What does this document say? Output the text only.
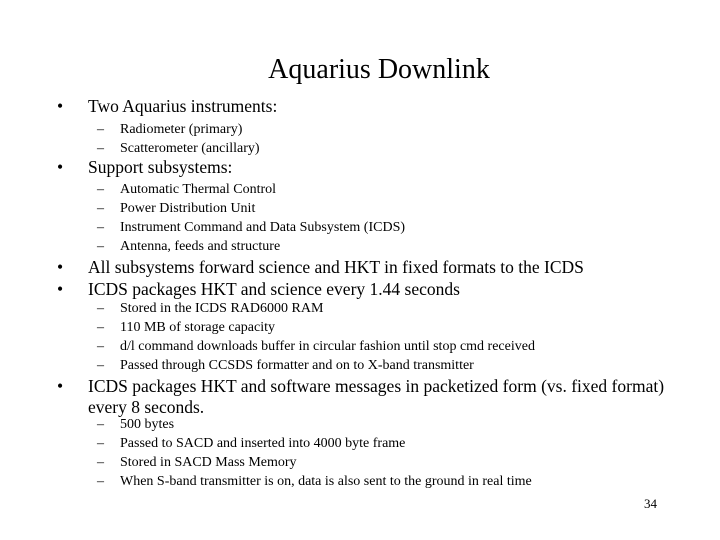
Aquarius Downlink
• Two Aquarius instruments:
– Radiometer (primary)
– Scatterometer (ancillary)
• Support subsystems:
– Automatic Thermal Control
– Power Distribution Unit
– Instrument Command and Data Subsystem (ICDS)
– Antenna, feeds and structure
• All subsystems forward science and HKT in fixed formats to the ICDS
• ICDS packages HKT and science every 1.44 seconds
– Stored in the ICDS RAD6000 RAM
– 110 MB of storage capacity
– d/l command downloads buffer in circular fashion until stop cmd received
– Passed through CCSDS formatter and on to X-band transmitter
• ICDS packages HKT and software messages in packetized form (vs. fixed format) every 8 seconds.
– 500 bytes
– Passed to SACD and inserted into 4000 byte frame
– Stored in SACD Mass Memory
– When S-band transmitter is on, data is also sent to the ground in real time
34
